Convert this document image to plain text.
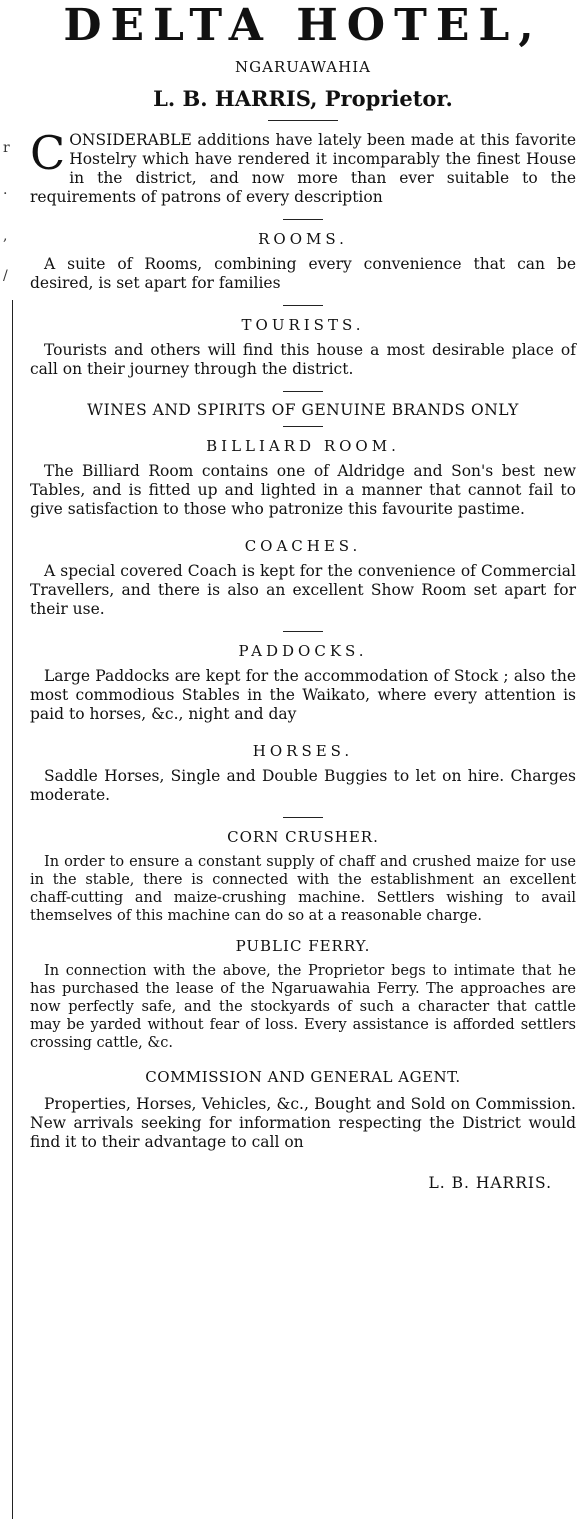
r
.
,
/
DELTA HOTEL,
NGARUAWAHIA
L. B. HARRIS, Proprietor.
C ONSIDERABLE additions have lately been made at this favorite Hostelry which have rendered it incomparably the finest House in the district, and now more than ever suitable to the requirements of patrons of every description
ROOMS.

A suite of Rooms, combining every convenience that can be desired, is set apart for families

TOURISTS.

Tourists and others will find this house a most desirable place of call on their journey through the district.

WINES AND SPIRITS OF GENUINE BRANDS ONLY
BILLIARD ROOM.

The Billiard Room contains one of Aldridge and Son's best new Tables, and is fitted up and lighted in a manner that cannot fail to give satisfaction to those who patronize this favourite pastime.

COACHES.

A special covered Coach is kept for the convenience of Commercial Travellers, and there is also an excellent Show Room set apart for their use.

PADDOCKS.

Large Paddocks are kept for the accommodation of Stock ; also the most commodious Stables in the Waikato, where every attention is paid to horses, &c., night and day

HORSES.

Saddle Horses, Single and Double Buggies to let on hire. Charges moderate.

CORN CRUSHER.

In order to ensure a constant supply of chaff and crushed maize for use in the stable, there is connected with the establishment an excellent chaff-cutting and maize-crushing machine. Settlers wishing to avail themselves of this machine can do so at a reasonable charge.

PUBLIC FERRY.

In connection with the above, the Proprietor begs to intimate that he has purchased the lease of the Ngaruawahia Ferry. The approaches are now perfectly safe, and the stockyards of such a character that cattle may be yarded without fear of loss. Every assistance is afforded settlers crossing cattle, &c.

COMMISSION AND GENERAL AGENT.

Properties, Horses, Vehicles, &c., Bought and Sold on Commission. New arrivals seeking for information respecting the District would find it to their advantage to call on

L. B. HARRIS.
